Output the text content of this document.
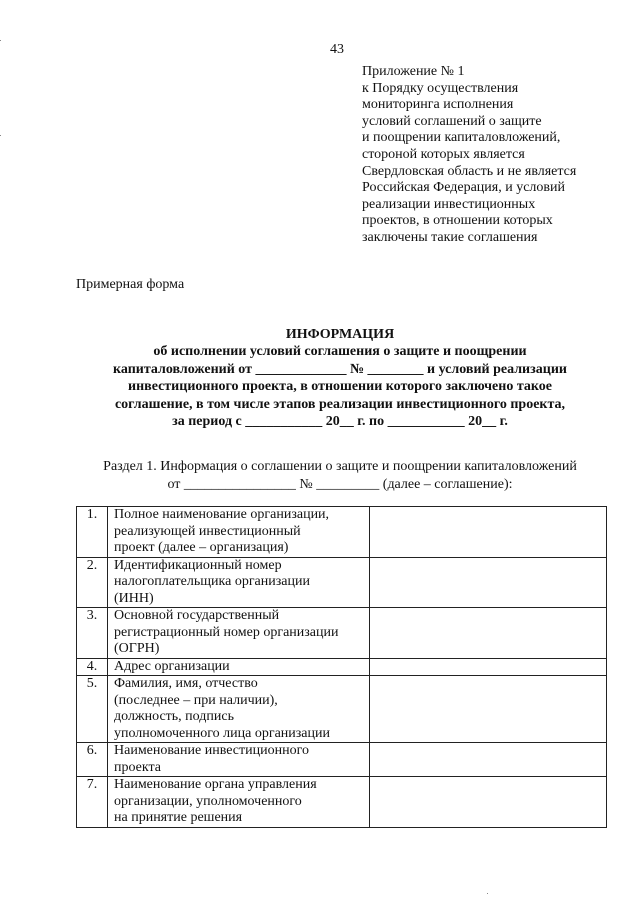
43
Приложение № 1
к Порядку осуществления
мониторинга исполнения
условий соглашений о защите
и поощрении капиталовложений,
стороной которых является
Свердловская область и не является
Российская Федерация, и условий
реализации инвестиционных
проектов, в отношении которых
заключены такие соглашения
Примерная форма
ИНФОРМАЦИЯ
об исполнении условий соглашения о защите и поощрении
капиталовложений от _____________ № ________ и условий реализации
инвестиционного проекта, в отношении которого заключено такое
соглашение, в том числе этапов реализации инвестиционного проекта,
за период с ___________ 20__ г. по ___________ 20__ г.
Раздел 1. Информация о соглашении о защите и поощрении капиталовложений
от ________________ № _________ (далее – соглашение):
1.	Полное наименование организации,
реализующей инвестиционный
проект (далее – организация)	

2.	Идентификационный номер
налогоплательщика организации
(ИНН)	

3.	Основной государственный
регистрационный номер организации
(ОГРН)	

4.	Адрес организации	

5.	Фамилия, имя, отчество
(последнее – при наличии),
должность, подпись
уполномоченного лица организации	

6.	Наименование инвестиционного
проекта	

7.	Наименование органа управления
организации, уполномоченного
на принятие решения	
